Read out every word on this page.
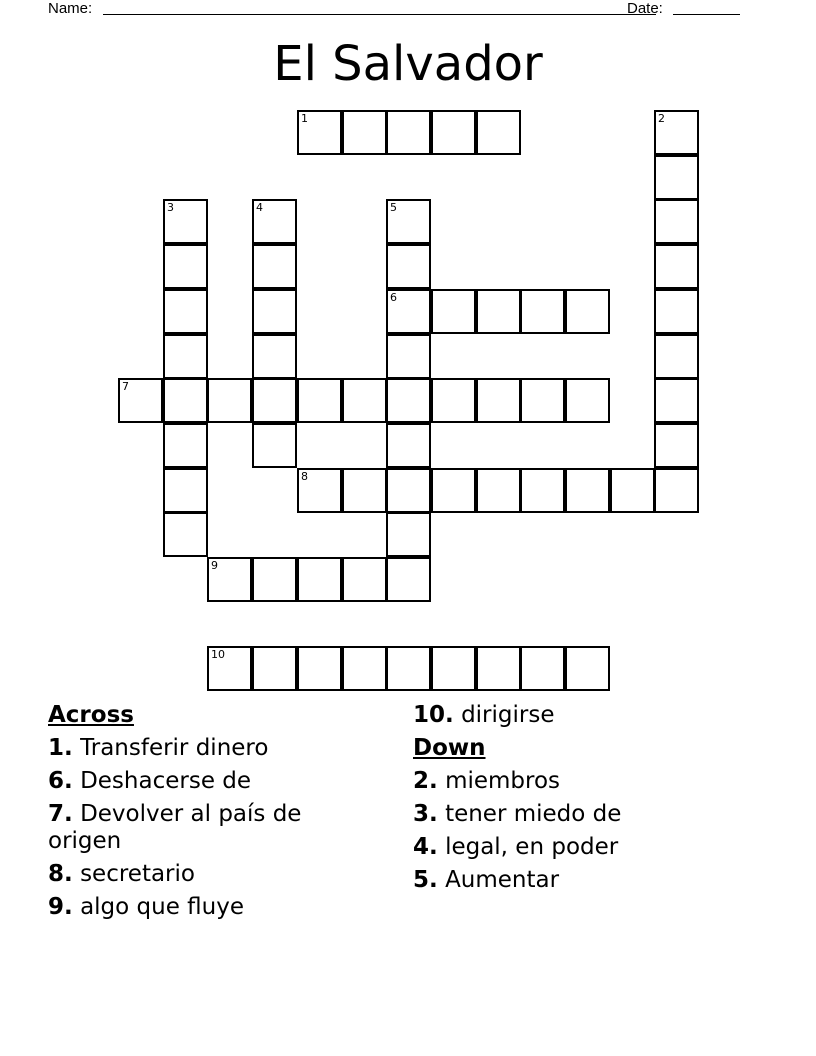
Name:	Date:
El Salvador
1	2
3	4	5
6
7
8
9
10
Across
1. Transferir dinero
6. Deshacerse de
7. Devolver al país de origen
8. secretario
9. algo que fluye
10. dirigirse
Down
2. miembros
3. tener miedo de
4. legal, en poder
5. Aumentar
